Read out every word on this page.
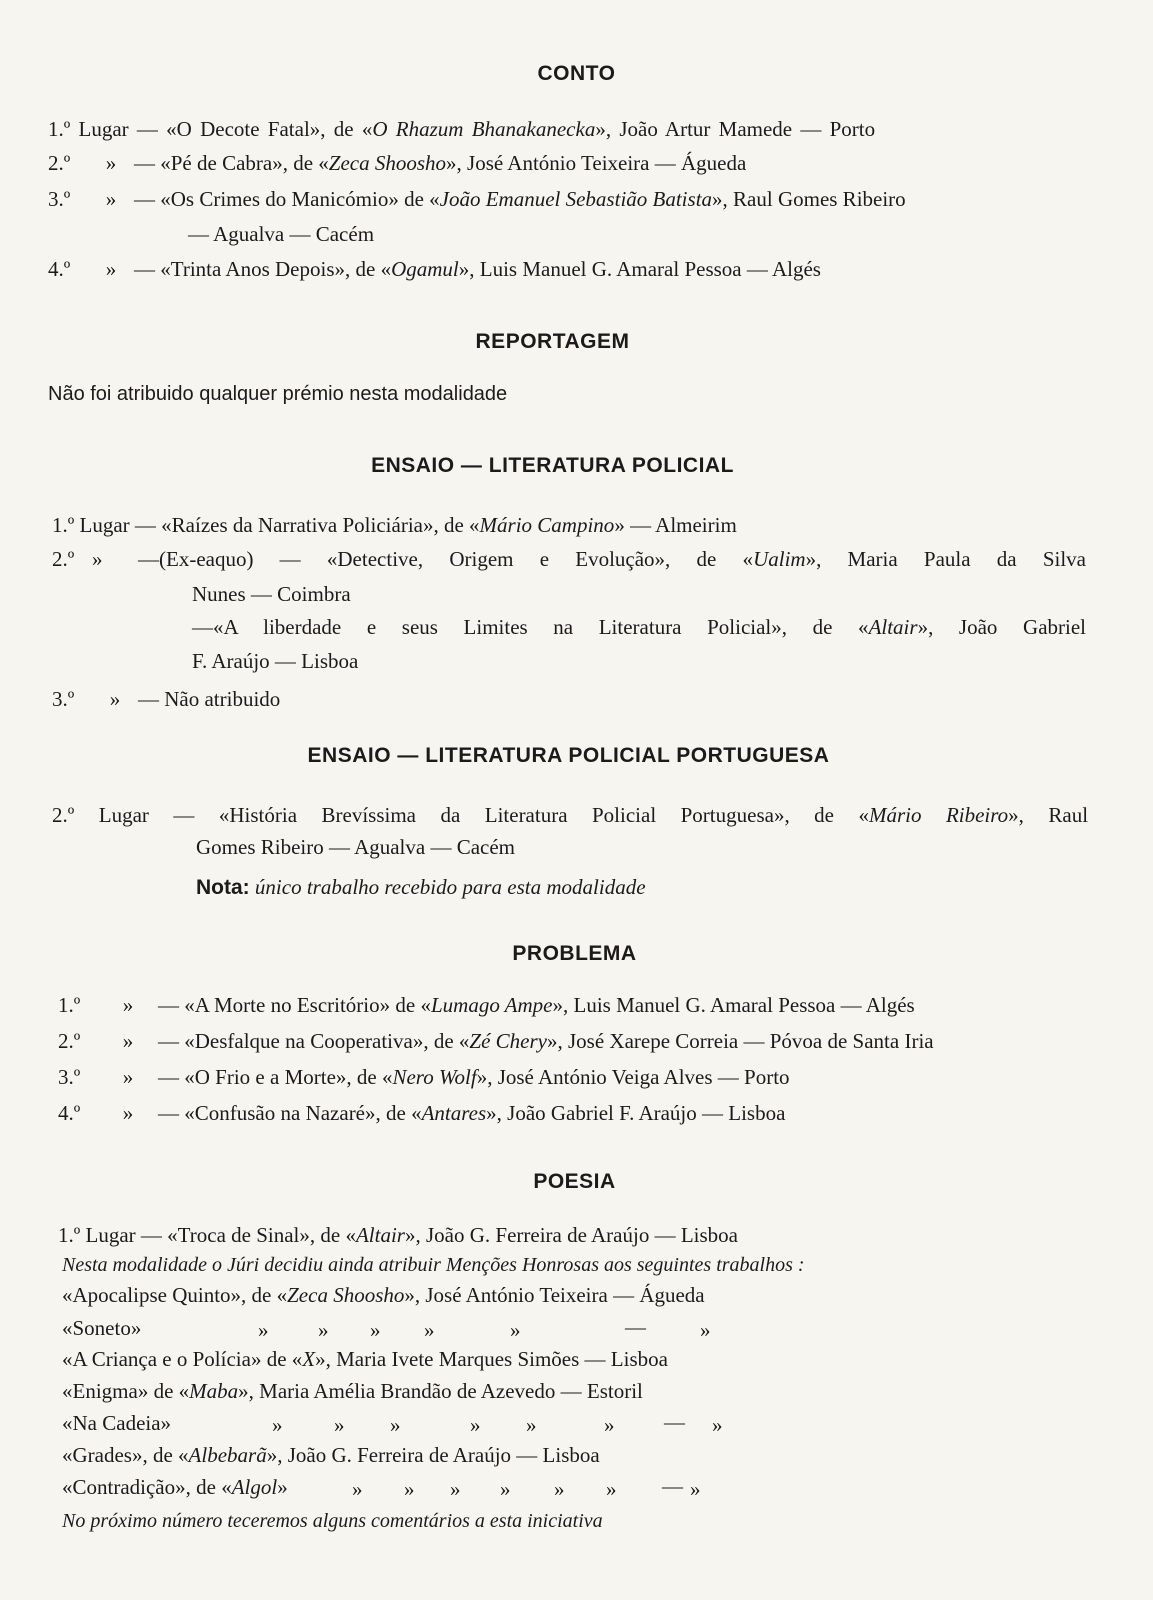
CONTO
1.º Lugar — «O Decote Fatal», de «O Rhazum Bhanakanecka», João Artur Mamede — Porto
2.º » — «Pé de Cabra», de «Zeca Shoosho», José António Teixeira — Águeda
3.º » — «Os Crimes do Manicómio» de «João Emanuel Sebastião Batista», Raul Gomes Ribeiro
— Agualva — Cacém
4.º » — «Trinta Anos Depois», de «Ogamul», Luis Manuel G. Amaral Pessoa — Algés
REPORTAGEM
Não foi atribuido qualquer prémio nesta modalidade
ENSAIO — LITERATURA POLICIAL
1.º Lugar — «Raízes da Narrativa Policiária», de «Mário Campino» — Almeirim
2.º » —(Ex-eaquo) — «Detective, Origem e Evolução», de «Ualim», Maria Paula da Silva
Nunes — Coimbra
—«A liberdade e seus Limites na Literatura Policial», de «Altair», João Gabriel
F. Araújo — Lisboa
3.º » — Não atribuido
ENSAIO — LITERATURA POLICIAL PORTUGUESA
2.º Lugar — «História Brevíssima da Literatura Policial Portuguesa», de «Mário Ribeiro», Raul
Gomes Ribeiro — Agualva — Cacém
Nota: único trabalho recebido para esta modalidade
PROBLEMA
1.º » — «A Morte no Escritório» de «Lumago Ampe», Luis Manuel G. Amaral Pessoa — Algés
2.º » — «Desfalque na Cooperativa», de «Zé Chery», José Xarepe Correia — Póvoa de Santa Iria
3.º » — «O Frio e a Morte», de «Nero Wolf», José António Veiga Alves — Porto
4.º » — «Confusão na Nazaré», de «Antares», João Gabriel F. Araújo — Lisboa
POESIA
1.º Lugar — «Troca de Sinal», de «Altair», João G. Ferreira de Araújo — Lisboa
Nesta modalidade o Júri decidiu ainda atribuir Menções Honrosas aos seguintes trabalhos :
«Apocalipse Quinto», de «Zeca Shoosho», José António Teixeira — Águeda
«Soneto»	» » » »	»	—	»
«A Criança e o Polícia» de «X», Maria Ivete Marques Simões — Lisboa
«Enigma» de «Maba», Maria Amélia Brandão de Azevedo — Estoril
«Na Cadeia»	» » »	» »	» — »
«Grades», de «Albebarã», João G. Ferreira de Araújo — Lisboa
«Contradição», de «Algol»	» » » » » » — »
No próximo número teceremos alguns comentários a esta iniciativa
